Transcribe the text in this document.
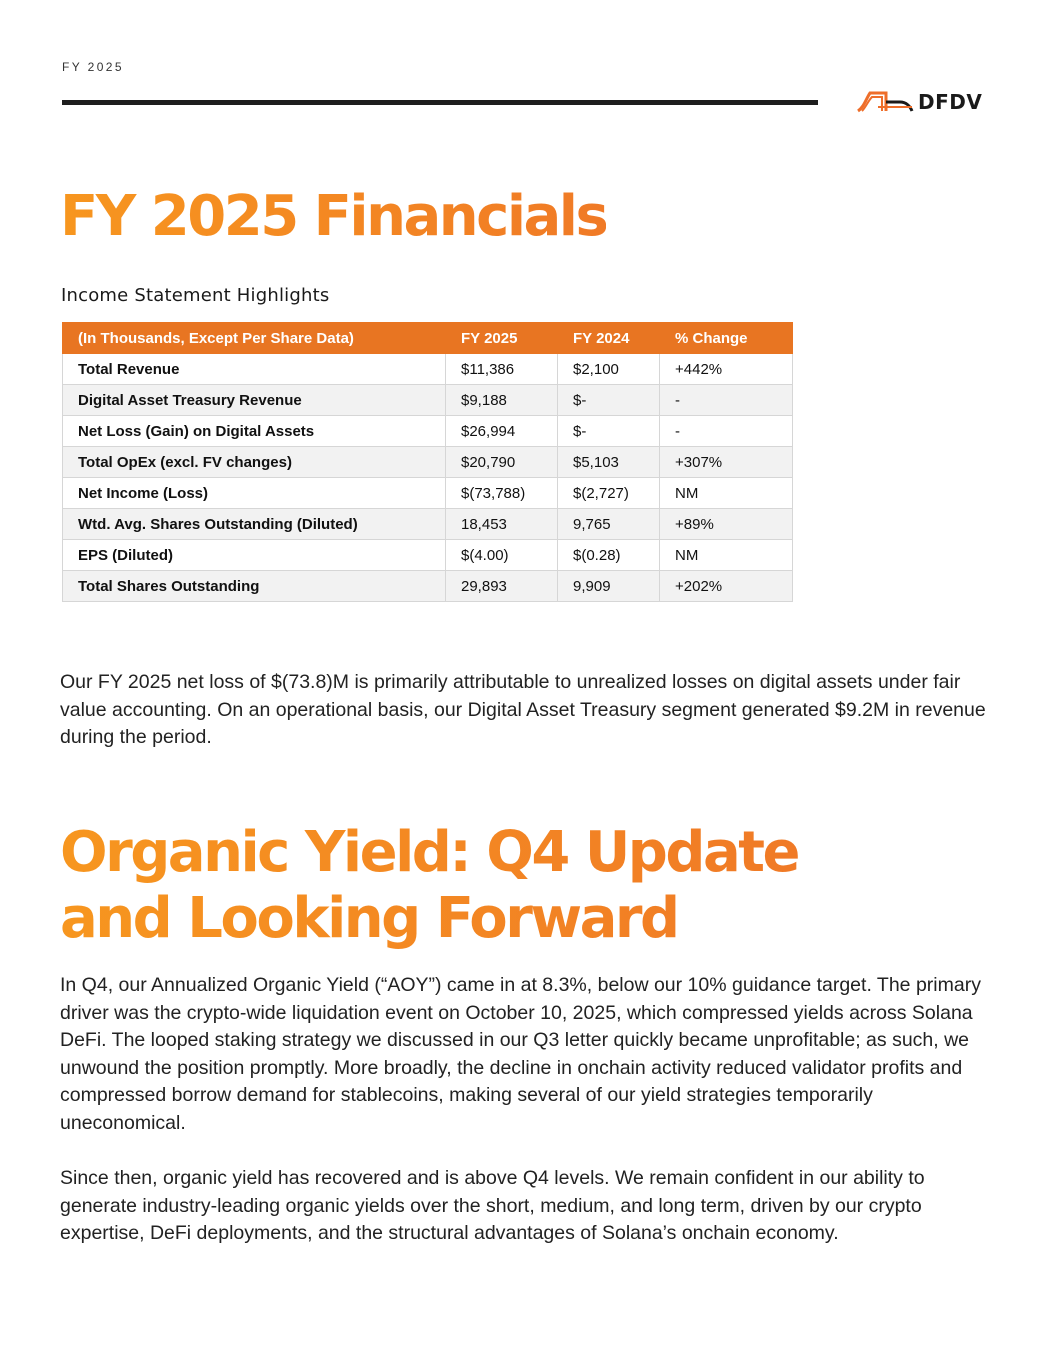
FY 2025
DFDV
FY 2025 Financials
Income Statement Highlights
(In Thousands, Except Per Share Data)	FY 2025	FY 2024	% Change
Total Revenue	$11,386	$2,100	+442%
Digital Asset Treasury Revenue	$9,188	$-	-
Net Loss (Gain) on Digital Assets	$26,994	$-	-
Total OpEx (excl. FV changes)	$20,790	$5,103	+307%
Net Income (Loss)	$(73,788)	$(2,727)	NM
Wtd. Avg. Shares Outstanding (Diluted)	18,453	9,765	+89%
EPS (Diluted)	$(4.00)	$(0.28)	NM
Total Shares Outstanding	29,893	9,909	+202%

Our FY 2025 net loss of $(73.8)M is primarily attributable to unrealized losses on digital assets under fair value accounting. On an operational basis, our Digital Asset Treasury segment generated $9.2M in revenue during the period.

Organic Yield: Q4 Update
and Looking Forward

In Q4, our Annualized Organic Yield (“AOY”) came in at 8.3%, below our 10% guidance target. The primary driver was the crypto-wide liquidation event on October 10, 2025, which compressed yields across Solana DeFi. The looped staking strategy we discussed in our Q3 letter quickly became unprofitable; as such, we unwound the position promptly. More broadly, the decline in onchain activity reduced validator profits and compressed borrow demand for stablecoins, making several of our yield strategies temporarily uneconomical.

Since then, organic yield has recovered and is above Q4 levels. We remain confident in our ability to generate industry-leading organic yields over the short, medium, and long term, driven by our crypto expertise, DeFi deployments, and the structural advantages of Solana’s onchain economy.
